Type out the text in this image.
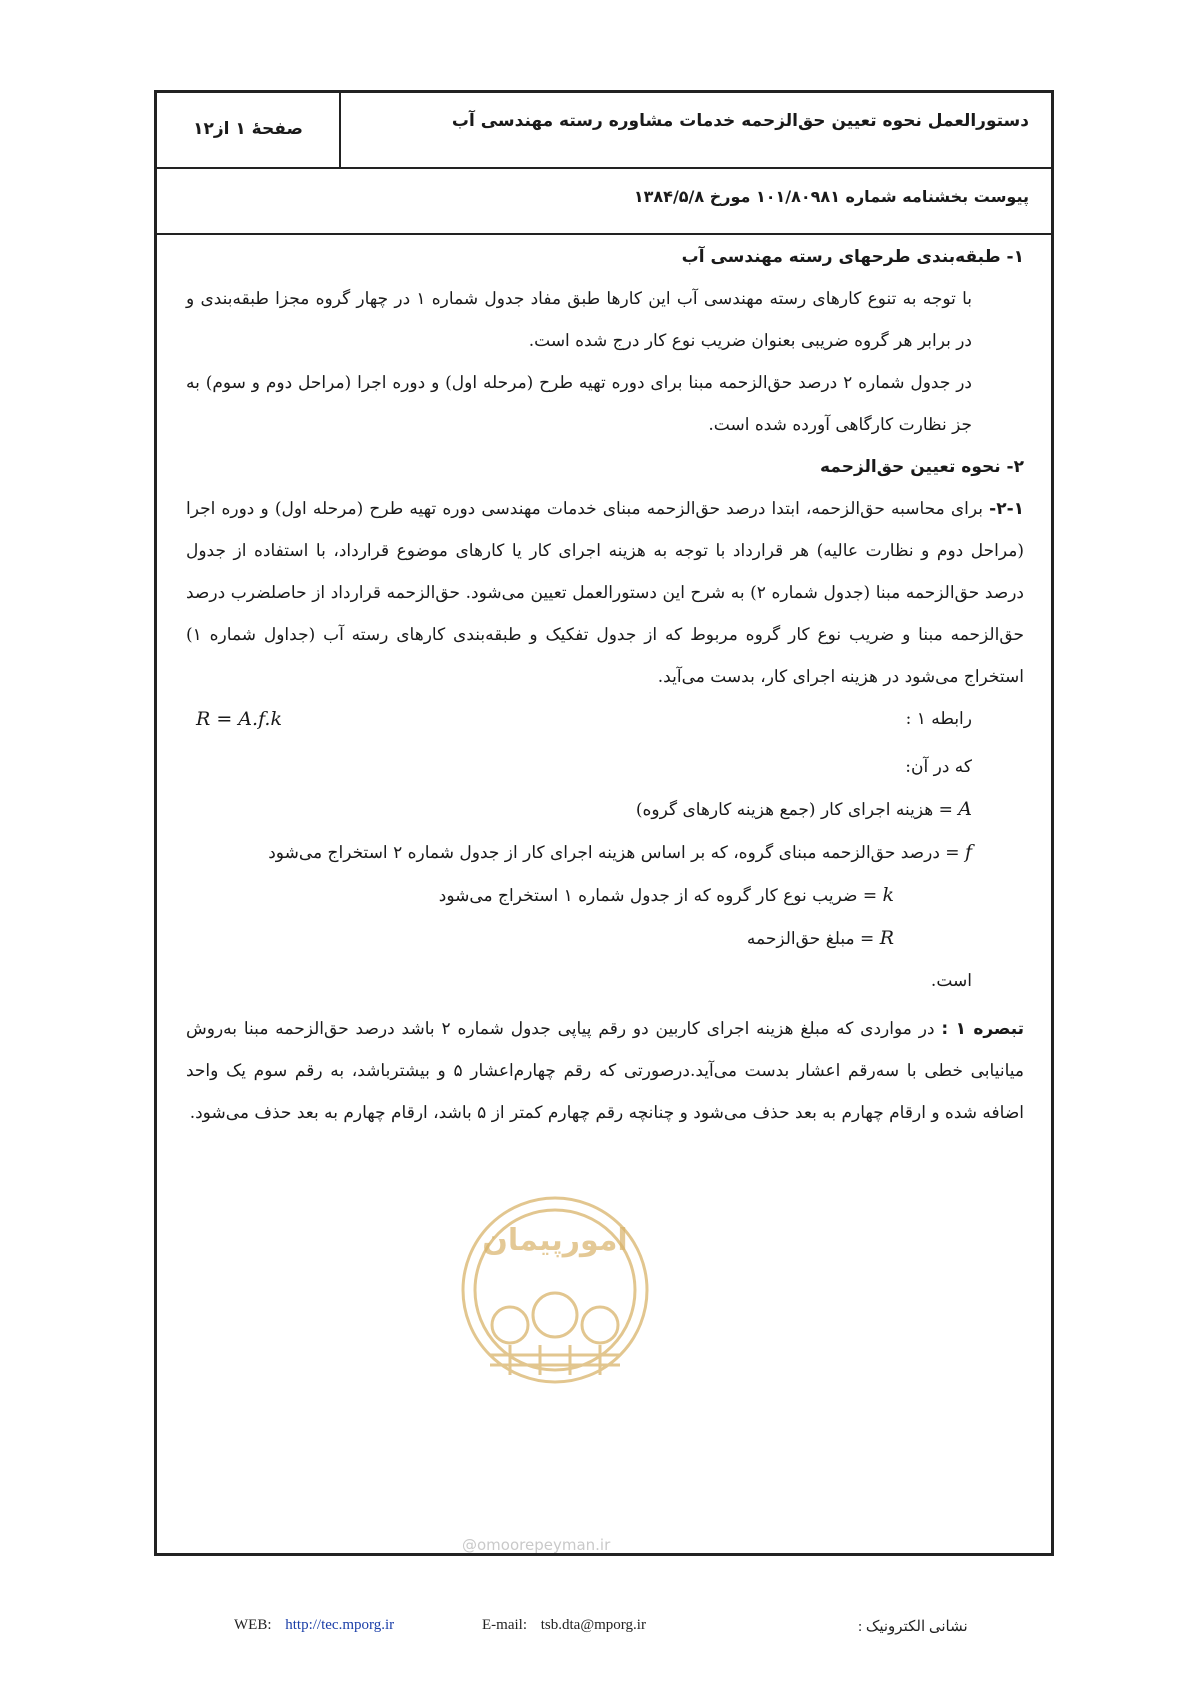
دستورالعمل نحوه تعیین حق‌الزحمه خدمات مشاوره رسته مهندسی آب
صفحهٔ ۱ از۱۲
پیوست بخشنامه شماره ۱۰۱/۸۰۹۸۱ مورخ ۱۳۸۴/۵/۸

۱- طبقه‌بندی طرحهای رسته مهندسی آب

با توجه به تنوع کارهای رسته مهندسی آب این کارها طبق مفاد جدول شماره ۱ در چهار گروه مجزا طبقه‌بندی و در برابر هر گروه ضریبی بعنوان ضریب نوع کار درج شده است.

در جدول شماره ۲ درصد حق‌الزحمه مبنا برای دوره تهیه طرح (مرحله اول) و دوره اجرا (مراحل دوم و سوم) به جز نظارت کارگاهی آورده شده است.

۲- نحوه تعیین حق‌الزحمه

۲-۱- برای محاسبه حق‌الزحمه، ابتدا درصد حق‌الزحمه مبنای خدمات مهندسی دوره تهیه طرح (مرحله اول) و دوره اجرا (مراحل دوم و نظارت عالیه) هر قرارداد با توجه به هزینه اجرای کار یا کارهای موضوع قرارداد، با استفاده از جدول درصد حق‌الزحمه مبنا (جدول شماره ۲) به شرح این دستورالعمل تعیین می‌شود. حق‌الزحمه قرارداد از حاصلضرب درصد حق‌الزحمه مبنا و ضریب نوع کار گروه مربوط که از جدول تفکیک و طبقه‌بندی کارهای رسته آب (جداول شماره ۱) استخراج می‌شود در هزینه اجرای کار، بدست می‌آید.

رابطه ۱ :
R = A.f.k

که در آن:

A = هزینه اجرای کار (جمع هزینه کارهای گروه)

f = درصد حق‌الزحمه مبنای گروه، که بر اساس هزینه اجرای کار از جدول شماره ۲ استخراج می‌شود

k = ضریب نوع کار گروه که از جدول شماره ۱ استخراج می‌شود

R = مبلغ حق‌الزحمه

است.

تبصره ۱ : در مواردی که مبلغ هزینه اجرای کاربین دو رقم پیاپی جدول شماره ۲ باشد درصد حق‌الزحمه مبنا به‌روش میانیابی خطی با سه‌رقم اعشار بدست می‌آید.درصورتی که رقم چهارم‌اعشار ۵ و بیشترباشد، به رقم سوم یک واحد اضافه شده و ارقام چهارم به بعد حذف می‌شود و چنانچه رقم چهارم کمتر از ۵ باشد، ارقام چهارم به بعد حذف می‌شود.

امورپیمان
@omoorepeyman.ir
نشانی الکترونیک :
E-mail: tsb.dta@mporg.ir
WEB: http://tec.mporg.ir
